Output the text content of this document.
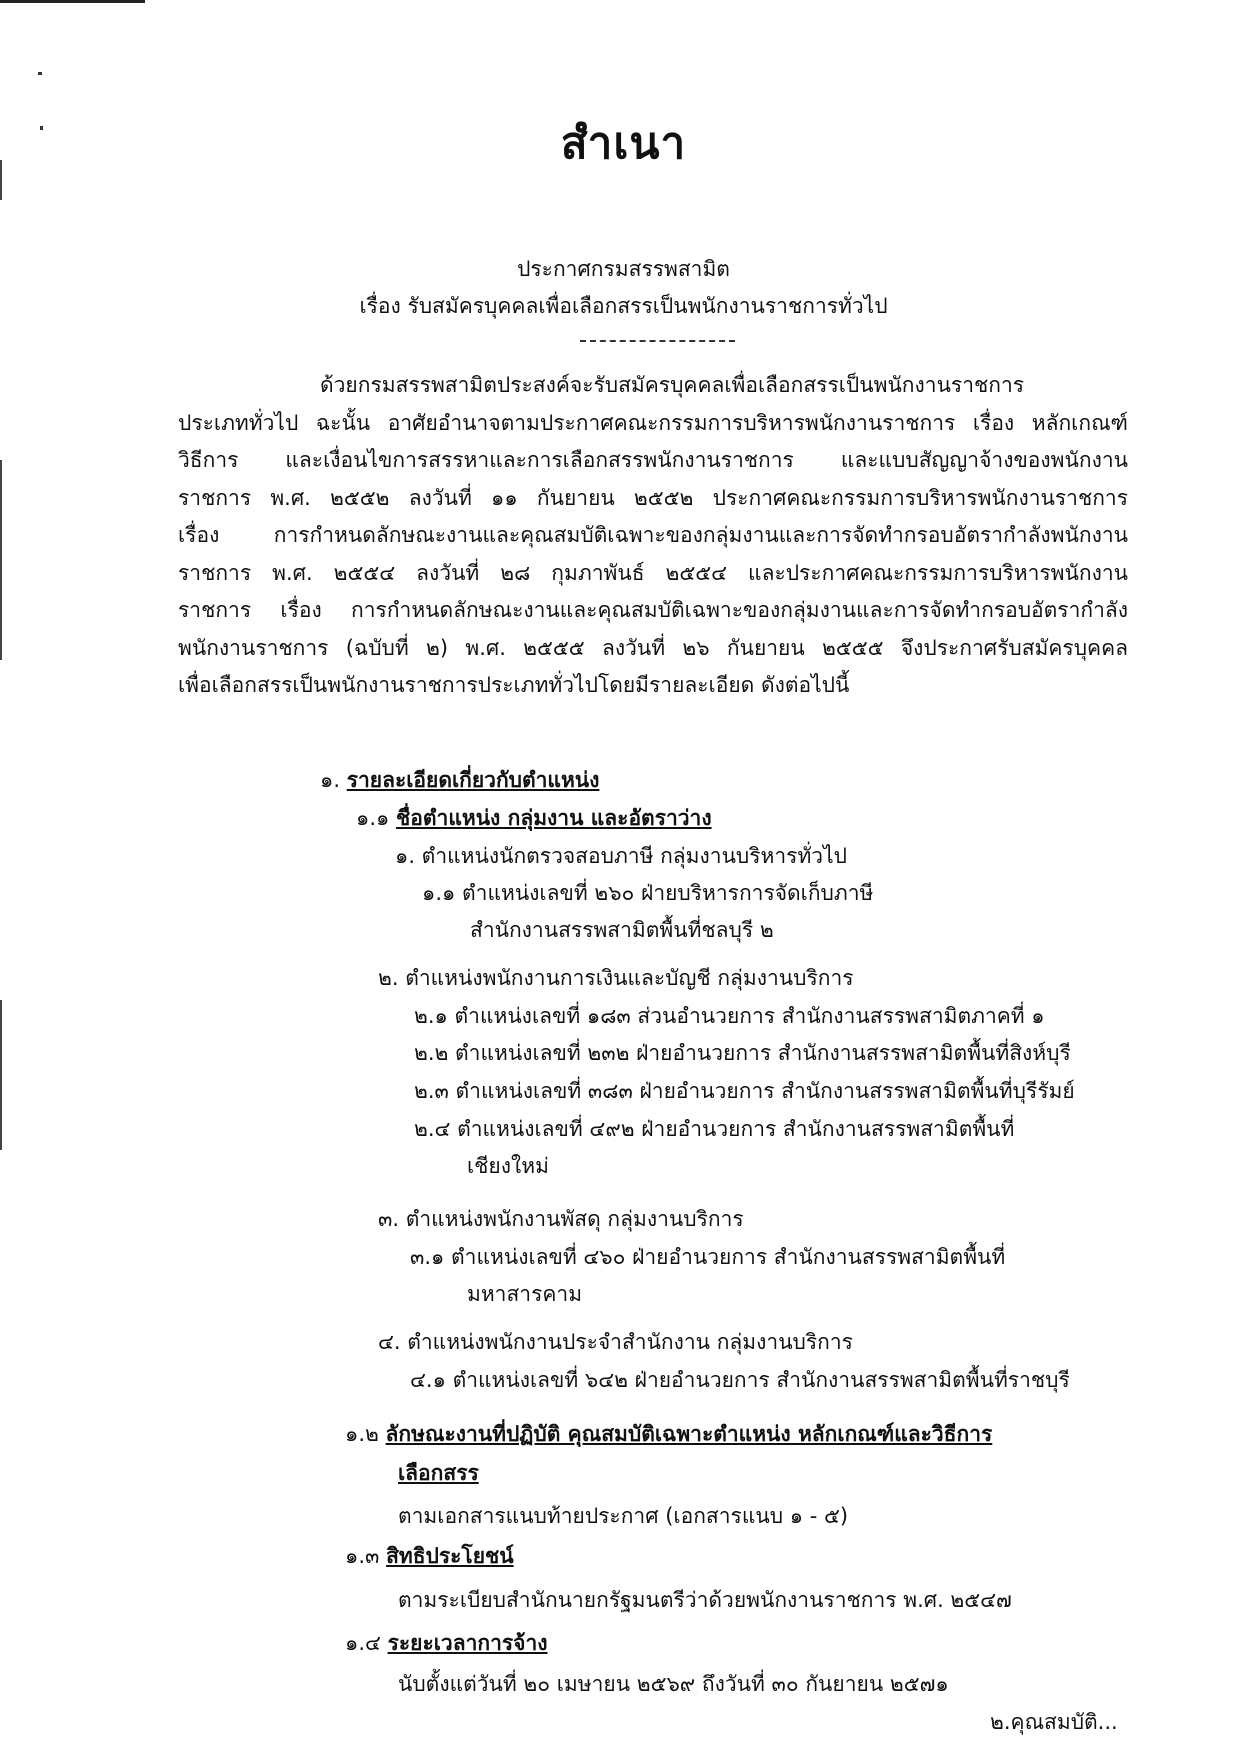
สำเนา
ประกาศกรมสรรพสามิต
เรื่อง รับสมัครบุคคลเพื่อเลือกสรรเป็นพนักงานราชการทั่วไป

ด้วยกรมสรรพสามิตประสงค์จะรับสมัครบุคคลเพื่อเลือกสรรเป็นพนักงานราชการ

ประเภททั่วไป ฉะนั้น อาศัยอำนาจตามประกาศคณะกรรมการบริหารพนักงานราชการ เรื่อง หลักเกณฑ์

วิธีการ และเงื่อนไขการสรรหาและการเลือกสรรพนักงานราชการ และแบบสัญญาจ้างของพนักงาน

ราชการ พ.ศ. ๒๕๕๒ ลงวันที่ ๑๑ กันยายน ๒๕๕๒ ประกาศคณะกรรมการบริหารพนักงานราชการ

เรื่อง การกำหนดลักษณะงานและคุณสมบัติเฉพาะของกลุ่มงานและการจัดทำกรอบอัตรากำลังพนักงาน

ราชการ พ.ศ. ๒๕๕๔ ลงวันที่ ๒๘ กุมภาพันธ์ ๒๕๕๔ และประกาศคณะกรรมการบริหารพนักงาน

ราชการ เรื่อง การกำหนดลักษณะงานและคุณสมบัติเฉพาะของกลุ่มงานและการจัดทำกรอบอัตรากำลัง

พนักงานราชการ (ฉบับที่ ๒) พ.ศ. ๒๕๕๕ ลงวันที่ ๒๖ กันยายน ๒๕๕๕ จึงประกาศรับสมัครบุคคล

เพื่อเลือกสรรเป็นพนักงานราชการประเภททั่วไปโดยมีรายละเอียด ดังต่อไปนี้

๑. รายละเอียดเกี่ยวกับตำแหน่ง
๑.๑ ชื่อตำแหน่ง กลุ่มงาน และอัตราว่าง
๑. ตำแหน่งนักตรวจสอบภาษี กลุ่มงานบริหารทั่วไป
๑.๑ ตำแหน่งเลขที่ ๒๖๐ ฝ่ายบริหารการจัดเก็บภาษี
สำนักงานสรรพสามิตพื้นที่ชลบุรี ๒
๒. ตำแหน่งพนักงานการเงินและบัญชี กลุ่มงานบริการ
๒.๑ ตำแหน่งเลขที่ ๑๘๓ ส่วนอำนวยการ สำนักงานสรรพสามิตภาคที่ ๑
๒.๒ ตำแหน่งเลขที่ ๒๓๒ ฝ่ายอำนวยการ สำนักงานสรรพสามิตพื้นที่สิงห์บุรี
๒.๓ ตำแหน่งเลขที่ ๓๘๓ ฝ่ายอำนวยการ สำนักงานสรรพสามิตพื้นที่บุรีรัมย์
๒.๔ ตำแหน่งเลขที่ ๔๙๒ ฝ่ายอำนวยการ สำนักงานสรรพสามิตพื้นที่
เชียงใหม่
๓. ตำแหน่งพนักงานพัสดุ กลุ่มงานบริการ
๓.๑ ตำแหน่งเลขที่ ๔๖๐ ฝ่ายอำนวยการ สำนักงานสรรพสามิตพื้นที่
มหาสารคาม
๔. ตำแหน่งพนักงานประจำสำนักงาน กลุ่มงานบริการ
๔.๑ ตำแหน่งเลขที่ ๖๔๒ ฝ่ายอำนวยการ สำนักงานสรรพสามิตพื้นที่ราชบุรี
๑.๒ ลักษณะงานที่ปฏิบัติ คุณสมบัติเฉพาะตำแหน่ง หลักเกณฑ์และวิธีการ
เลือกสรร
ตามเอกสารแนบท้ายประกาศ (เอกสารแนบ ๑ - ๕)
๑.๓ สิทธิประโยชน์
ตามระเบียบสำนักนายกรัฐมนตรีว่าด้วยพนักงานราชการ พ.ศ. ๒๕๔๗
๑.๔ ระยะเวลาการจ้าง
นับตั้งแต่วันที่ ๒๐ เมษายน ๒๕๖๙ ถึงวันที่ ๓๐ กันยายน ๒๕๗๑
๒.คุณสมบัติ...
